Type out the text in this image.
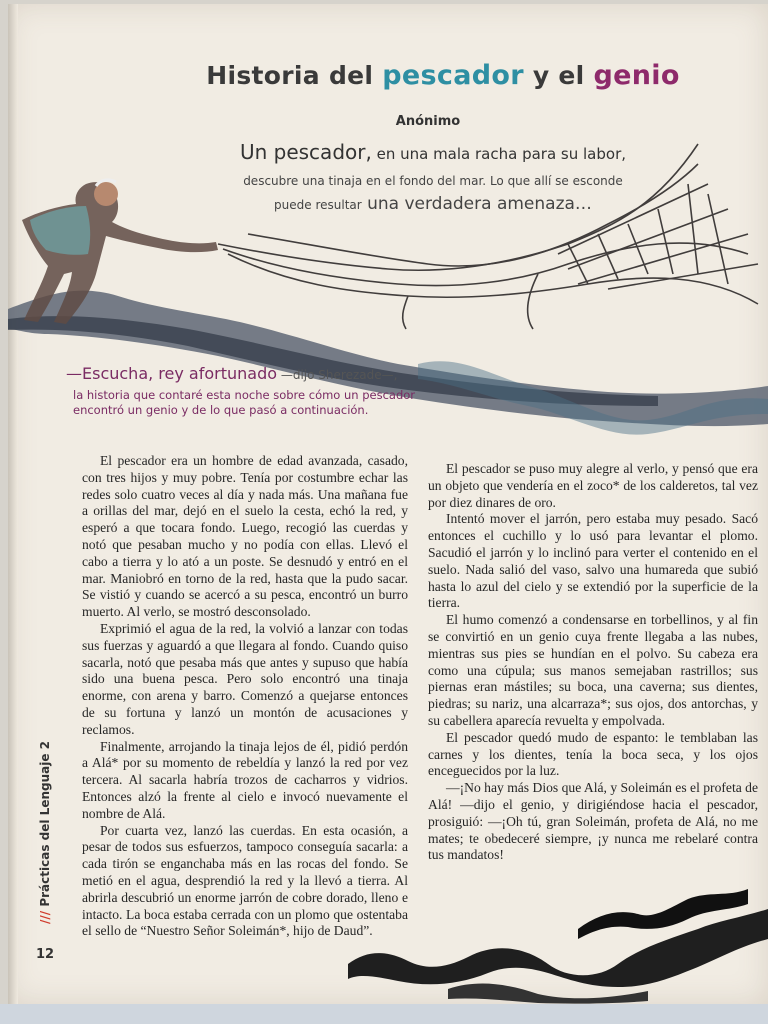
Historia del pescador y el genio
Anónimo
Un pescador, en una mala racha para su labor,
descubre una tinaja en el fondo del mar. Lo que allí se esconde
puede resultar una verdadera amenaza…
—Escucha, rey afortunado —dijo Sherezade—,
la historia que contaré esta noche sobre cómo un pescador encontró un genio y de lo que pasó a continuación.

El pescador era un hombre de edad avanzada, casado, con tres hijos y muy pobre. Tenía por costumbre echar las redes solo cuatro veces al día y nada más. Una mañana fue a orillas del mar, dejó en el suelo la cesta, echó la red, y esperó a que tocara fondo. Luego, recogió las cuerdas y notó que pesaban mucho y no podía con ellas. Llevó el cabo a tierra y lo ató a un poste. Se desnudó y entró en el mar. Maniobró en torno de la red, hasta que la pudo sacar. Se vistió y cuando se acercó a su pesca, encontró un burro muerto. Al verlo, se mostró desconsolado.

Exprimió el agua de la red, la volvió a lanzar con todas sus fuerzas y aguardó a que llegara al fondo. Cuando quiso sacarla, notó que pesaba más que antes y supuso que había sido una buena pesca. Pero solo encontró una tinaja enorme, con arena y barro. Comenzó a quejarse entonces de su fortuna y lanzó un montón de acusaciones y reclamos.

Finalmente, arrojando la tinaja lejos de él, pidió perdón a Alá* por su momento de rebeldía y lanzó la red por vez tercera. Al sacarla habría trozos de cacharros y vidrios. Entonces alzó la frente al cielo e invocó nuevamente el nombre de Alá.

Por cuarta vez, lanzó las cuerdas. En esta ocasión, a pesar de todos sus esfuerzos, tampoco conseguía sacarla: a cada tirón se enganchaba más en las rocas del fondo. Se metió en el agua, desprendió la red y la llevó a tierra. Al abrirla descubrió un enorme jarrón de cobre dorado, lleno e intacto. La boca estaba cerrada con un plomo que ostentaba el sello de “Nuestro Señor Soleimán*, hijo de Daud”.

El pescador se puso muy alegre al verlo, y pensó que era un objeto que vendería en el zoco* de los calderetos, tal vez por diez dinares de oro.

Intentó mover el jarrón, pero estaba muy pesado. Sacó entonces el cuchillo y lo usó para levantar el plomo. Sacudió el jarrón y lo inclinó para verter el contenido en el suelo. Nada salió del vaso, salvo una humareda que subió hasta lo azul del cielo y se extendió por la superficie de la tierra.

El humo comenzó a condensarse en torbellinos, y al fin se convirtió en un genio cuya frente llegaba a las nubes, mientras sus pies se hundían en el polvo. Su cabeza era como una cúpula; sus manos semejaban rastrillos; sus piernas eran mástiles; su boca, una caverna; sus dientes, piedras; su nariz, una alcarraza*; sus ojos, dos antorchas, y su cabellera aparecía revuelta y empolvada.

El pescador quedó mudo de espanto: le temblaban las carnes y los dientes, tenía la boca seca, y los ojos enceguecidos por la luz.

—¡No hay más Dios que Alá, y Soleimán es el profeta de Alá! —dijo el genio, y dirigiéndose hacia el pescador, prosiguió: —¡Oh tú, gran Soleimán, profeta de Alá, no me mates; te obedeceré siempre, ¡y nunca me rebelaré contra tus mandatos!

/// Prácticas del Lenguaje 2
12
